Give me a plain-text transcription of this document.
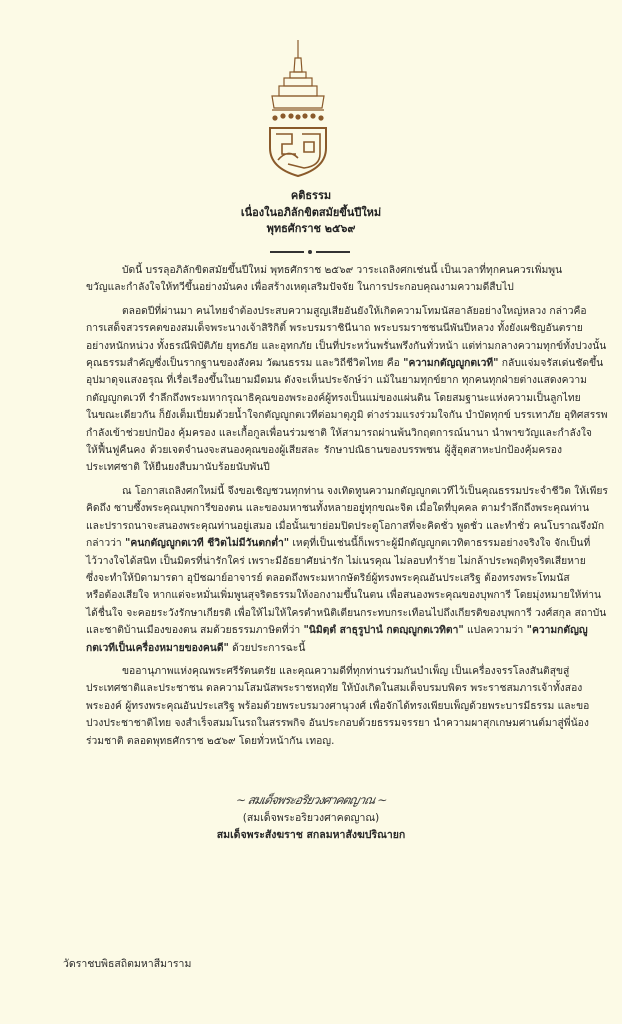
คติธรรม
เนื่องในอภิลักขิตสมัยขึ้นปีใหม่
พุทธศักราช ๒๕๖๙
บัดนี้ บรรลุอภิลักขิตสมัยขึ้นปีใหม่ พุทธศักราช ๒๕๖๙ วาระเถลิงศกเช่นนี้ เป็นเวลาที่ทุกคนควรเพิ่มพูน
ขวัญและกำลังใจให้ทวีขึ้นอย่างมั่นคง เพื่อสร้างเหตุเสริมปัจจัย ในการประกอบคุณงามความดีสืบไป
ตลอดปีที่ผ่านมา คนไทยจำต้องประสบความสูญเสียอันยังให้เกิดความโทมนัสอาลัยอย่างใหญ่หลวง กล่าวคือ
การเสด็จสวรรคตของสมเด็จพระนางเจ้าสิริกิติ์ พระบรมราชินีนาถ พระบรมราชชนนีพันปีหลวง ทั้งยังเผชิญอันตราย
อย่างหนักหน่วง ทั้งธรณีพิบัติภัย ยุทธภัย และอุทกภัย เป็นที่ประหวั่นพรั่นพรึงกันทั่วหน้า แต่ท่ามกลางความทุกข์ทั้งปวงนั้น
คุณธรรมสำคัญซึ่งเป็นรากฐานของสังคม วัฒนธรรม และวิถีชีวิตไทย คือ "ความกตัญญูกตเวที" กลับแจ่มจรัสเด่นชัดขึ้น
อุปมาดุจแสงอรุณ ที่เรื่อเรืองขึ้นในยามมืดมน ดังจะเห็นประจักษ์ว่า แม้ในยามทุกข์ยาก ทุกคนทุกฝ่ายต่างแสดงความ
กตัญญูกตเวที รำลึกถึงพระมหากรุณาธิคุณของพระองค์ผู้ทรงเป็นแม่ของแผ่นดิน โดยสมฐานะแห่งความเป็นลูกไทย
ในขณะเดียวกัน ก็ยังเต็มเปี่ยมด้วยน้ำใจกตัญญูกตเวทีต่อมาตุภูมิ ต่างร่วมแรงร่วมใจกัน บำบัดทุกข์ บรรเทาภัย อุทิศสรรพ
กำลังเข้าช่วยปกป้อง คุ้มครอง และเกื้อกูลเพื่อนร่วมชาติ ให้สามารถผ่านพ้นวิกฤตการณ์นานา นำพาขวัญและกำลังใจ
ให้ฟื้นฟูคืนคง ด้วยเจตจำนงจะสนองคุณของผู้เสียสละ รักษาปณิธานของบรรพชน ผู้สู้อุตสาหะปกป้องคุ้มครอง
ประเทศชาติ ให้ยืนยงสืบมานับร้อยนับพันปี
ณ โอกาสเถลิงศกใหม่นี้ จึงขอเชิญชวนทุกท่าน จงเทิดทูนความกตัญญูกตเวทีไว้เป็นคุณธรรมประจำชีวิต ให้เพียร
คิดถึง ซาบซึ้งพระคุณบุพการีของตน และของมหาชนทั้งหลายอยู่ทุกขณะจิต เมื่อใดที่บุคคล ตามรำลึกถึงพระคุณท่าน
และปรารถนาจะสนองพระคุณท่านอยู่เสมอ เมื่อนั้นเขาย่อมปิดประตูโอกาสที่จะคิดชั่ว พูดชั่ว และทำชั่ว คนโบราณจึงมัก
กล่าวว่า "คนกตัญญูกตเวที ชีวิตไม่มีวันตกต่ำ" เหตุที่เป็นเช่นนี้ก็เพราะผู้มีกตัญญูกตเวทิตาธรรมอย่างจริงใจ จักเป็นที่
ไว้วางใจได้สนิท เป็นมิตรที่น่ารักใคร่ เพราะมีอัธยาศัยน่ารัก ไม่เนรคุณ ไม่ลอบทำร้าย ไม่กล้าประพฤติทุจริตเสียหาย
ซึ่งจะทำให้บิดามารดา อุปัชฌาย์อาจารย์ ตลอดถึงพระมหากษัตริย์ผู้ทรงพระคุณอันประเสริฐ ต้องทรงพระโทมนัส
หรือต้องเสียใจ หากแต่จะหมั่นเพิ่มพูนสุจริตธรรมให้งอกงามขึ้นในตน เพื่อสนองพระคุณของบุพการี โดยมุ่งหมายให้ท่าน
ได้ชื่นใจ จะคอยระวังรักษาเกียรติ เพื่อให้ไม่ให้ใครตำหนิติเตียนกระทบกระเทือนไปถึงเกียรติของบุพการี วงศ์สกุล สถาบัน
และชาติบ้านเมืองของตน สมด้วยธรรมภาษิตที่ว่า "นิมิตฺตํ สาธุรูปานํ กตญฺญูกตเวทิตา" แปลความว่า "ความกตัญญู
กตเวทีเป็นเครื่องหมายของคนดี" ด้วยประการฉะนี้
ขออานุภาพแห่งคุณพระศรีรัตนตรัย และคุณความดีที่ทุกท่านร่วมกันบำเพ็ญ เป็นเครื่องจรรโลงสันติสุขสู่
ประเทศชาติและประชาชน ดลความโสมนัสพระราชหฤทัย ให้บังเกิดในสมเด็จบรมบพิตร พระราชสมภารเจ้าทั้งสอง
พระองค์ ผู้ทรงพระคุณอันประเสริฐ พร้อมด้วยพระบรมวงศานุวงศ์ เพื่อจักได้ทรงเพียบเพ็ญด้วยพระบารมีธรรม และขอ
ปวงประชาชาติไทย จงสำเร็จสมมโนรถในสรรพกิจ อันประกอบด้วยธรรมจรรยา นำความผาสุกเกษมศานต์มาสู่พี่น้อง
ร่วมชาติ ตลอดพุทธศักราช ๒๕๖๙ โดยทั่วหน้ากัน เทอญ.
~ สมเด็จพระอริยวงศาคตญาณ ~
(สมเด็จพระอริยวงศาคตญาณ)
สมเด็จพระสังฆราช สกลมหาสังฆปริณายก
วัดราชบพิธสถิตมหาสีมาราม
